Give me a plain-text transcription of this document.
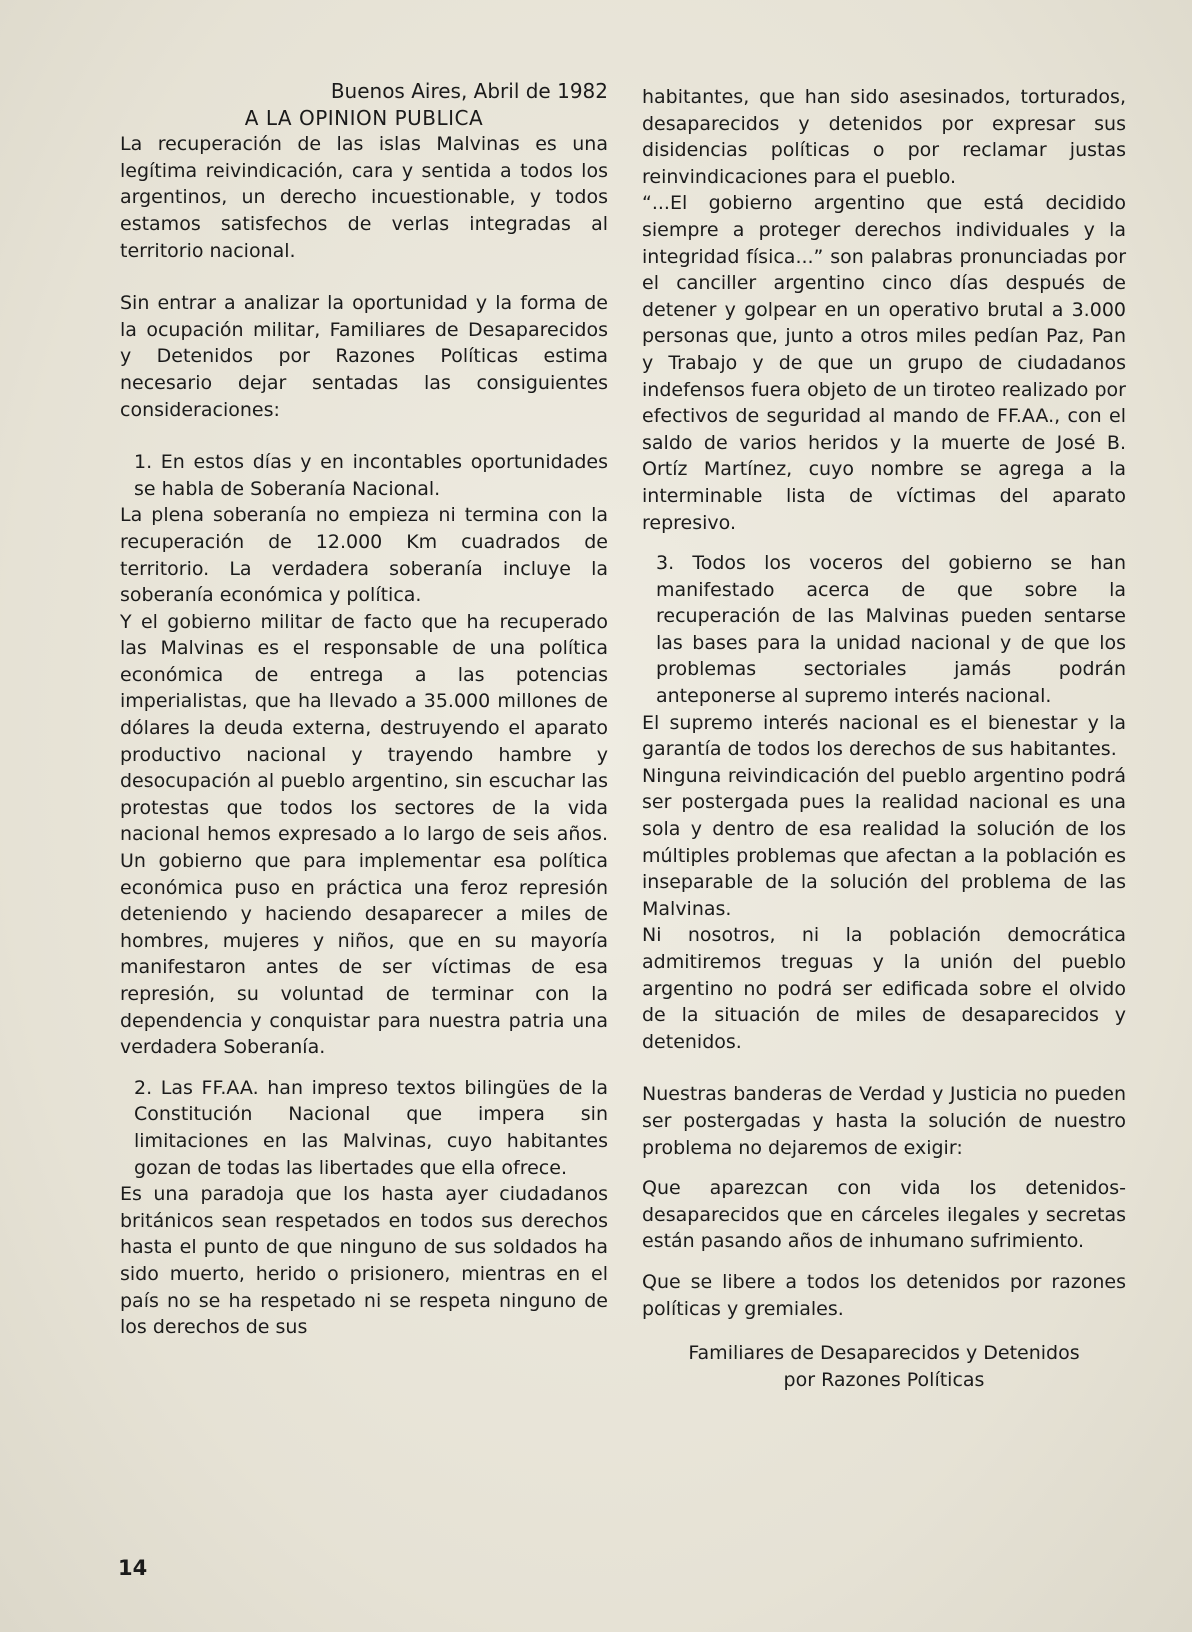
Buenos Aires, Abril de 1982

A LA OPINION PUBLICA

La recuperación de las islas Malvinas es una legítima reivindicación, cara y sentida a todos los argentinos, un derecho incuestionable, y todos estamos satisfechos de verlas integradas al territorio nacional.

Sin entrar a analizar la oportunidad y la forma de la ocupación militar, Familiares de Desaparecidos y Detenidos por Razones Políticas estima necesario dejar sentadas las consiguientes consideraciones:

1. En estos días y en incontables oportunidades se habla de Soberanía Nacional.

La plena soberanía no empieza ni termina con la recuperación de 12.000 Km cuadrados de territorio. La verdadera soberanía incluye la soberanía económica y política.

Y el gobierno militar de facto que ha recuperado las Malvinas es el responsable de una política económica de entrega a las potencias imperialistas, que ha llevado a 35.000 millones de dólares la deuda externa, destruyendo el aparato productivo nacional y trayendo hambre y desocupación al pueblo argentino, sin escuchar las protestas que todos los sectores de la vida nacional hemos expresado a lo largo de seis años. Un gobierno que para implementar esa política económica puso en práctica una feroz represión deteniendo y haciendo desaparecer a miles de hombres, mujeres y niños, que en su mayoría manifestaron antes de ser víctimas de esa represión, su voluntad de terminar con la dependencia y conquistar para nuestra patria una verdadera Soberanía.

2. Las FF.AA. han impreso textos bilingües de la Constitución Nacional que impera sin limitaciones en las Malvinas, cuyo habitantes gozan de todas las libertades que ella ofrece.

Es una paradoja que los hasta ayer ciudadanos británicos sean respetados en todos sus derechos hasta el punto de que ninguno de sus soldados ha sido muerto, herido o prisionero, mientras en el país no se ha respetado ni se respeta ninguno de los derechos de sus

habitantes, que han sido asesinados, torturados, desaparecidos y detenidos por expresar sus disidencias políticas o por reclamar justas reinvindicaciones para el pueblo.

“...El gobierno argentino que está decidido siempre a proteger derechos individuales y la integridad física...” son palabras pronunciadas por el canciller argentino cinco días después de detener y golpear en un operativo brutal a 3.000 personas que, junto a otros miles pedían Paz, Pan y Trabajo y de que un grupo de ciudadanos indefensos fuera objeto de un tiroteo realizado por efectivos de seguridad al mando de FF.AA., con el saldo de varios heridos y la muerte de José B. Ortíz Martínez, cuyo nombre se agrega a la interminable lista de víctimas del aparato represivo.

3. Todos los voceros del gobierno se han manifestado acerca de que sobre la recuperación de las Malvinas pueden sentarse las bases para la unidad nacional y de que los problemas sectoriales jamás podrán anteponerse al supremo interés nacional.

El supremo interés nacional es el bienestar y la garantía de todos los derechos de sus habitantes.

Ninguna reivindicación del pueblo argentino podrá ser postergada pues la realidad nacional es una sola y dentro de esa realidad la solución de los múltiples problemas que afectan a la población es inseparable de la solución del problema de las Malvinas.

Ni nosotros, ni la población democrática admitiremos treguas y la unión del pueblo argentino no podrá ser edificada sobre el olvido de la situación de miles de desaparecidos y detenidos.

Nuestras banderas de Verdad y Justicia no pueden ser postergadas y hasta la solución de nuestro problema no dejaremos de exigir:

Que aparezcan con vida los detenidos-desaparecidos que en cárceles ilegales y secretas están pasando años de inhumano sufrimiento.

Que se libere a todos los detenidos por razones políticas y gremiales.

Familiares de Desaparecidos y Detenidos
por Razones Políticas
14
